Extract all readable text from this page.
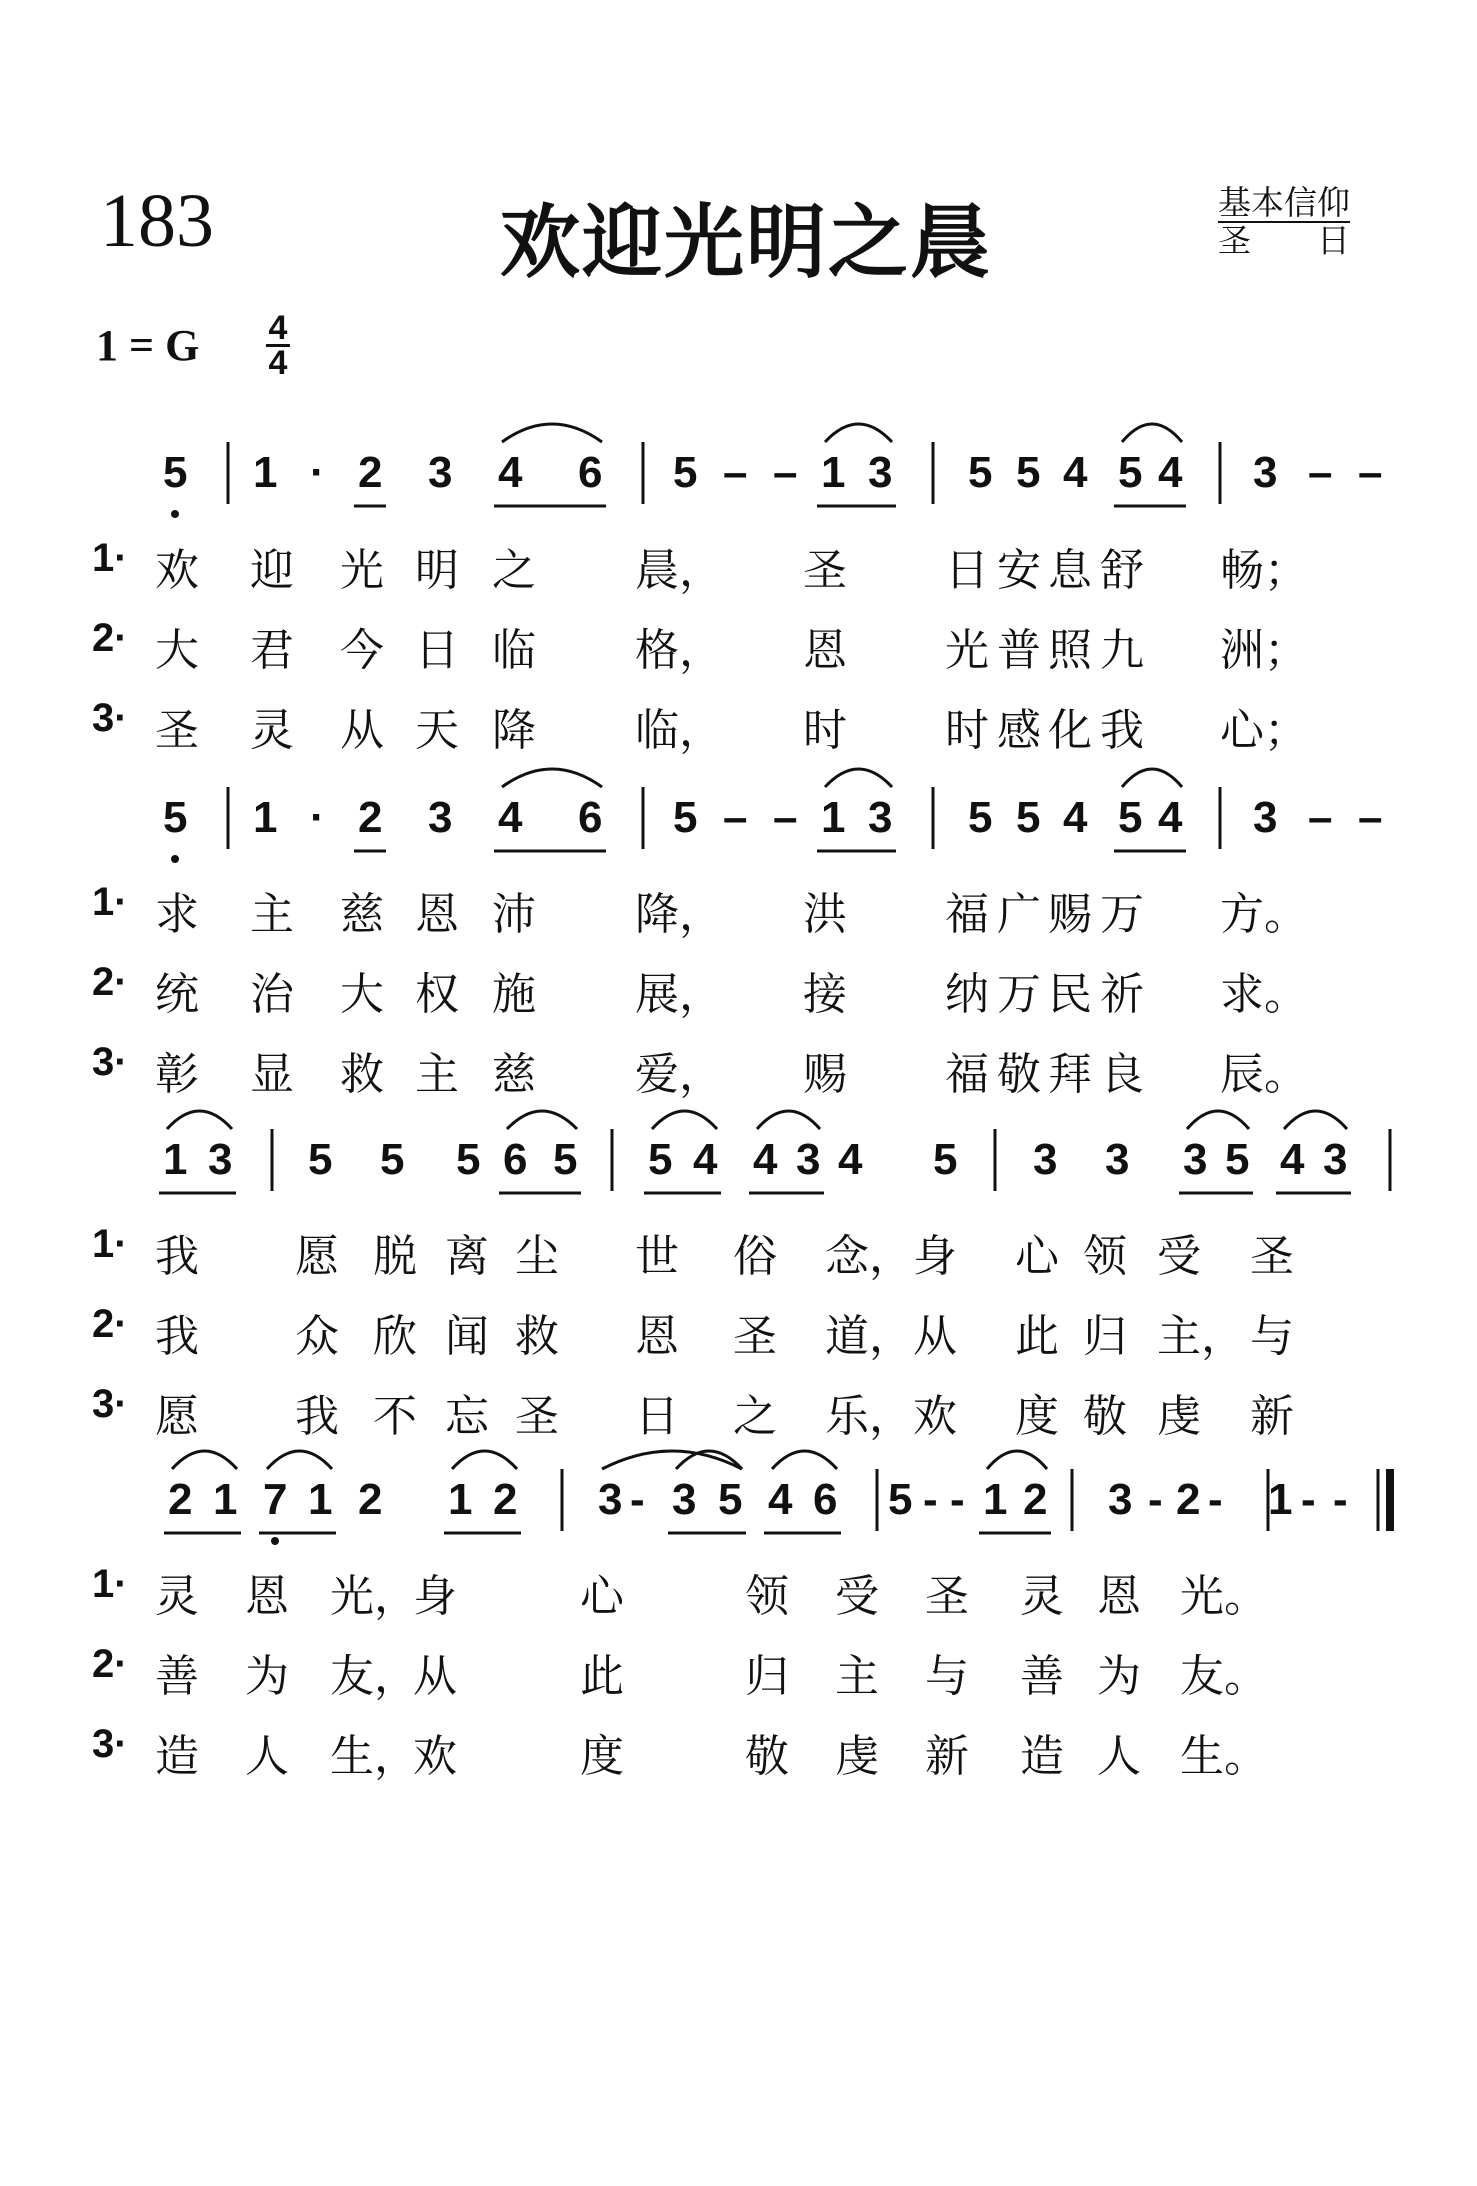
183	欢迎光明之晨	基本信仰
圣　　日
1 = G 4
4
5 1 · 2 3 4 6 5 – – 1 3 5 5 4 5 4 3 – –
1· 欢 迎 光 明 之 晨， 圣 日 安 息 舒 畅；
2· 大 君 今 日 临 格， 恩 光 普 照 九 洲；
3· 圣 灵 从 天 降 临， 时 时 感 化 我 心；
5 1 · 2 3 4 6 5 – – 1 3 5 5 4 5 4 3 – –
1· 求 主 慈 恩 沛 降， 洪 福 广 赐 万 方。
2· 统 治 大 权 施 展， 接 纳 万 民 祈 求。
3· 彰 显 救 主 慈 爱， 赐 福 敬 拜 良 辰。
1 3 5 5 5 6 5 5 4 4 3 4 5 3 3 3 5 4 3
1· 我 愿 脱 离 尘 世 俗 念， 身 心 领 受 圣
2· 我 众 欣 闻 救 恩 圣 道， 从 此 归 主， 与
3· 愿 我 不 忘 圣 日 之 乐， 欢 度 敬 虔 新
2 1 7 1 2 1 2 3 - 3 5 4 6 5 - - 1 2 3 - 2 - 1 - -
1· 灵 恩 光，
身	心	领 受 圣 灵 恩 光。
2· 善 为 友，
从	此	归 主 与 善 为 友。
3· 造 人 生，
欢	度	敬 虔 新 造 人 生。
